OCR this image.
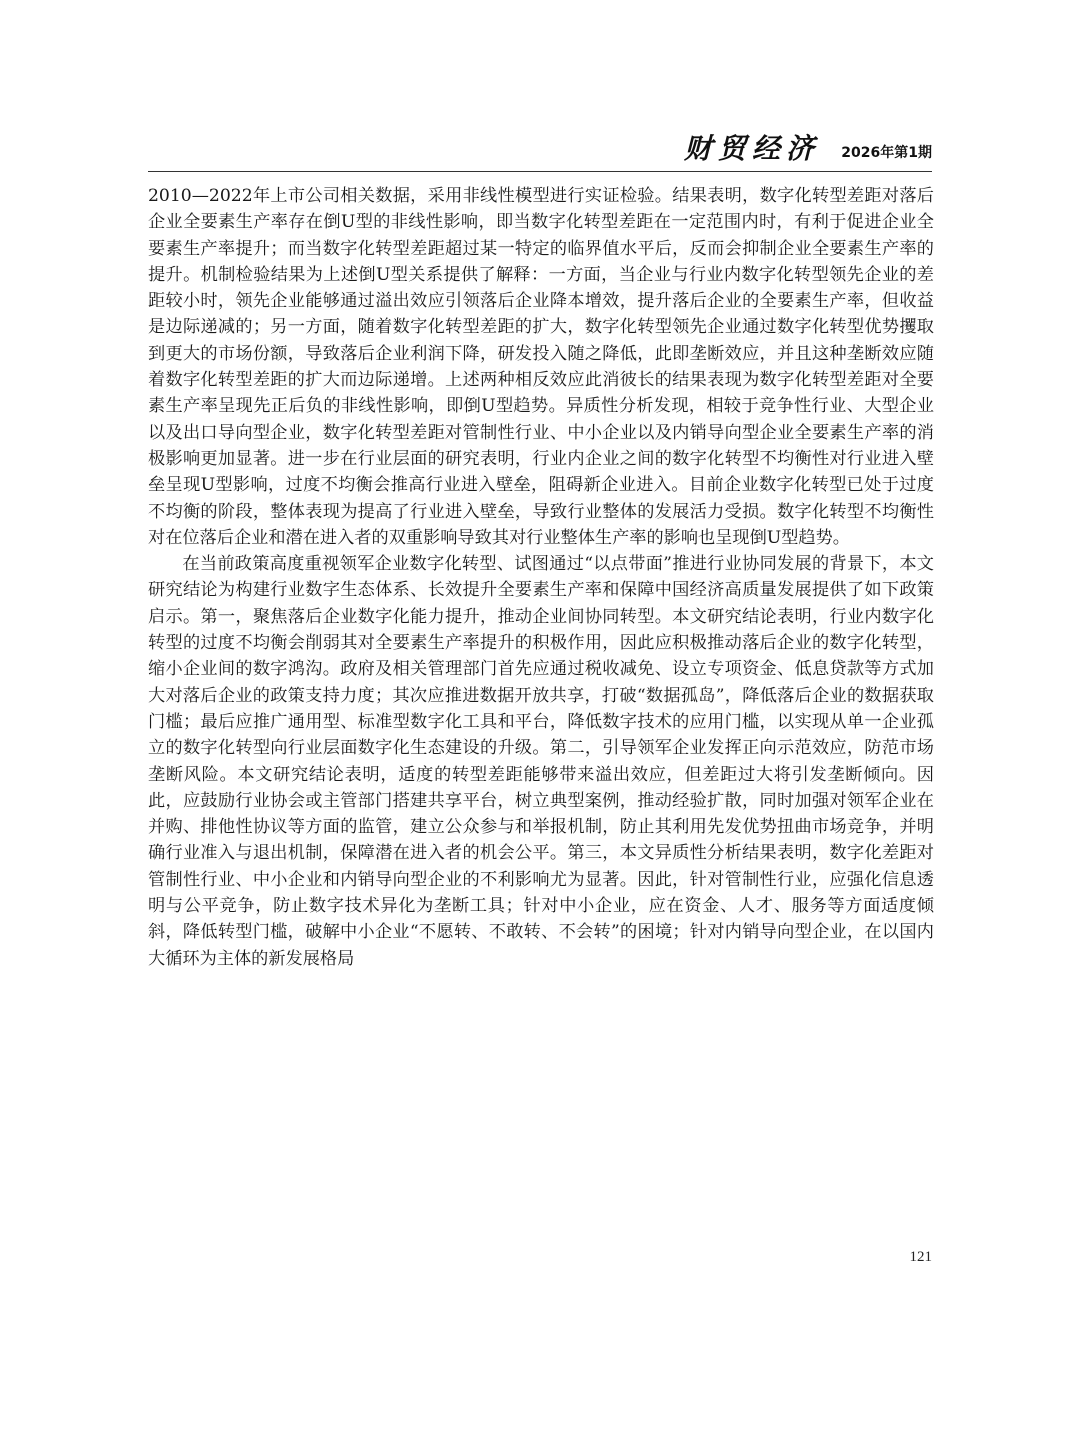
财贸经济 2026年第1期

2010—2022年上市公司相关数据，采用非线性模型进行实证检验。结果表明，数字化转型差距对落后企业全要素生产率存在倒U型的非线性影响，即当数字化转型差距在一定范围内时，有利于促进企业全要素生产率提升；而当数字化转型差距超过某一特定的临界值水平后，反而会抑制企业全要素生产率的提升。机制检验结果为上述倒U型关系提供了解释：一方面，当企业与行业内数字化转型领先企业的差距较小时，领先企业能够通过溢出效应引领落后企业降本增效，提升落后企业的全要素生产率，但收益是边际递减的；另一方面，随着数字化转型差距的扩大，数字化转型领先企业通过数字化转型优势攫取到更大的市场份额，导致落后企业利润下降，研发投入随之降低，此即垄断效应，并且这种垄断效应随着数字化转型差距的扩大而边际递增。上述两种相反效应此消彼长的结果表现为数字化转型差距对全要素生产率呈现先正后负的非线性影响，即倒U型趋势。异质性分析发现，相较于竞争性行业、大型企业以及出口导向型企业，数字化转型差距对管制性行业、中小企业以及内销导向型企业全要素生产率的消极影响更加显著。进一步在行业层面的研究表明，行业内企业之间的数字化转型不均衡性对行业进入壁垒呈现U型影响，过度不均衡会推高行业进入壁垒，阻碍新企业进入。目前企业数字化转型已处于过度不均衡的阶段，整体表现为提高了行业进入壁垒，导致行业整体的发展活力受损。数字化转型不均衡性对在位落后企业和潜在进入者的双重影响导致其对行业整体生产率的影响也呈现倒U型趋势。

在当前政策高度重视领军企业数字化转型、试图通过“以点带面”推进行业协同发展的背景下，本文研究结论为构建行业数字生态体系、长效提升全要素生产率和保障中国经济高质量发展提供了如下政策启示。第一，聚焦落后企业数字化能力提升，推动企业间协同转型。本文研究结论表明，行业内数字化转型的过度不均衡会削弱其对全要素生产率提升的积极作用，因此应积极推动落后企业的数字化转型，缩小企业间的数字鸿沟。政府及相关管理部门首先应通过税收减免、设立专项资金、低息贷款等方式加大对落后企业的政策支持力度；其次应推进数据开放共享，打破“数据孤岛”，降低落后企业的数据获取门槛；最后应推广通用型、标准型数字化工具和平台，降低数字技术的应用门槛，以实现从单一企业孤立的数字化转型向行业层面数字化生态建设的升级。第二，引导领军企业发挥正向示范效应，防范市场垄断风险。本文研究结论表明，适度的转型差距能够带来溢出效应，但差距过大将引发垄断倾向。因此，应鼓励行业协会或主管部门搭建共享平台，树立典型案例，推动经验扩散，同时加强对领军企业在并购、排他性协议等方面的监管，建立公众参与和举报机制，防止其利用先发优势扭曲市场竞争，并明确行业准入与退出机制，保障潜在进入者的机会公平。第三，本文异质性分析结果表明，数字化差距对管制性行业、中小企业和内销导向型企业的不利影响尤为显著。因此，针对管制性行业，应强化信息透明与公平竞争，防止数字技术异化为垄断工具；针对中小企业，应在资金、人才、服务等方面适度倾斜，降低转型门槛，破解中小企业“不愿转、不敢转、不会转”的困境；针对内销导向型企业，在以国内大循环为主体的新发展格局

121
